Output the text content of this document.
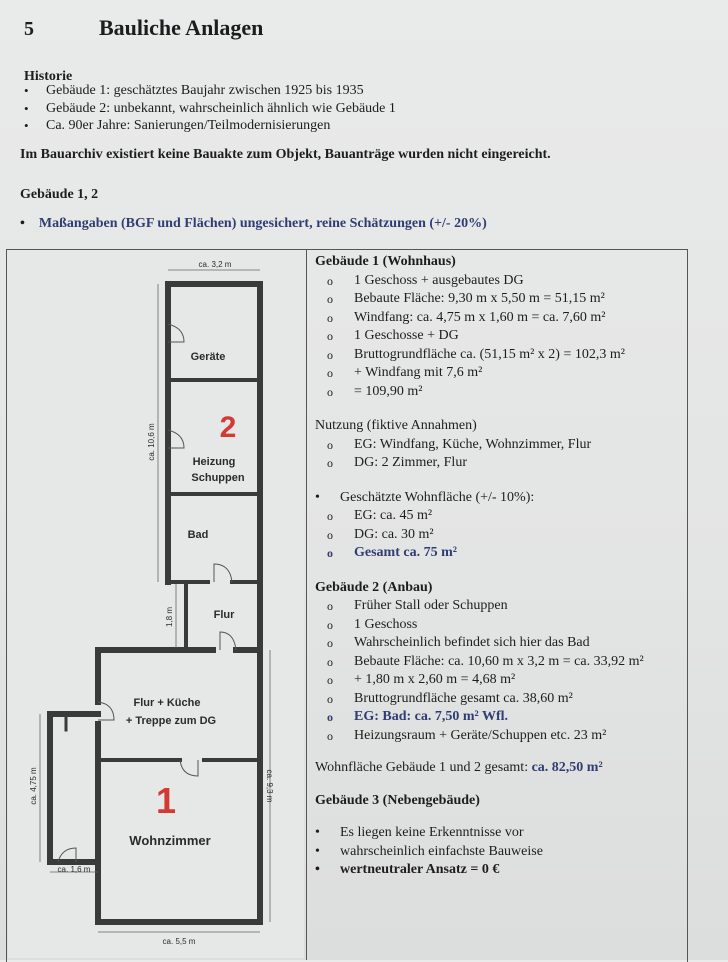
5	Bauliche Anlagen
Historie
• Gebäude 1: geschätztes Baujahr zwischen 1925 bis 1935
• Gebäude 2: unbekannt, wahrscheinlich ähnlich wie Gebäude 1
• Ca. 90er Jahre: Sanierungen/Teilmodernisierungen
Im Bauarchiv existiert keine Bauakte zum Objekt, Bauanträge wurden nicht eingereicht.
Gebäude 1, 2
• Maßangaben (BGF und Flächen) ungesichert, reine Schätzungen (+/- 20%)
ca. 3,2 m
ca. 10,6 m
1,8 m
ca. 4,75 m
ca. 1,6 m
ca. 9,3 m
ca. 5,5 m
Geräte
2
Heizung
Schuppen
Bad
Flur
Flur + Küche
+ Treppe zum DG
1
Wohnzimmer
Gebäude 1 (Wohnhaus)
o 1 Geschoss + ausgebautes DG
o Bebaute Fläche: 9,30 m x 5,50 m = 51,15 m²
o Windfang: ca. 4,75 m x 1,60 m = ca. 7,60 m²
o 1 Geschosse + DG
o Bruttogrundfläche ca. (51,15 m² x 2) = 102,3 m²
o + Windfang mit 7,6 m²
o = 109,90 m²
Nutzung (fiktive Annahmen)
o EG: Windfang, Küche, Wohnzimmer, Flur
o DG: 2 Zimmer, Flur
• Geschätzte Wohnfläche (+/- 10%):
o EG: ca. 45 m²
o DG: ca. 30 m²
o Gesamt ca. 75 m²
Gebäude 2 (Anbau)
o Früher Stall oder Schuppen
o 1 Geschoss
o Wahrscheinlich befindet sich hier das Bad
o Bebaute Fläche: ca. 10,60 m x 3,2 m = ca. 33,92 m²
o + 1,80 m x 2,60 m = 4,68 m²
o Bruttogrundfläche gesamt ca. 38,60 m²
o EG: Bad: ca. 7,50 m² Wfl.
o Heizungsraum + Geräte/Schuppen etc. 23 m²
Wohnfläche Gebäude 1 und 2 gesamt: ca. 82,50 m²
Gebäude 3 (Nebengebäude)
• Es liegen keine Erkenntnisse vor
• wahrscheinlich einfachste Bauweise
• wertneutraler Ansatz = 0 €
